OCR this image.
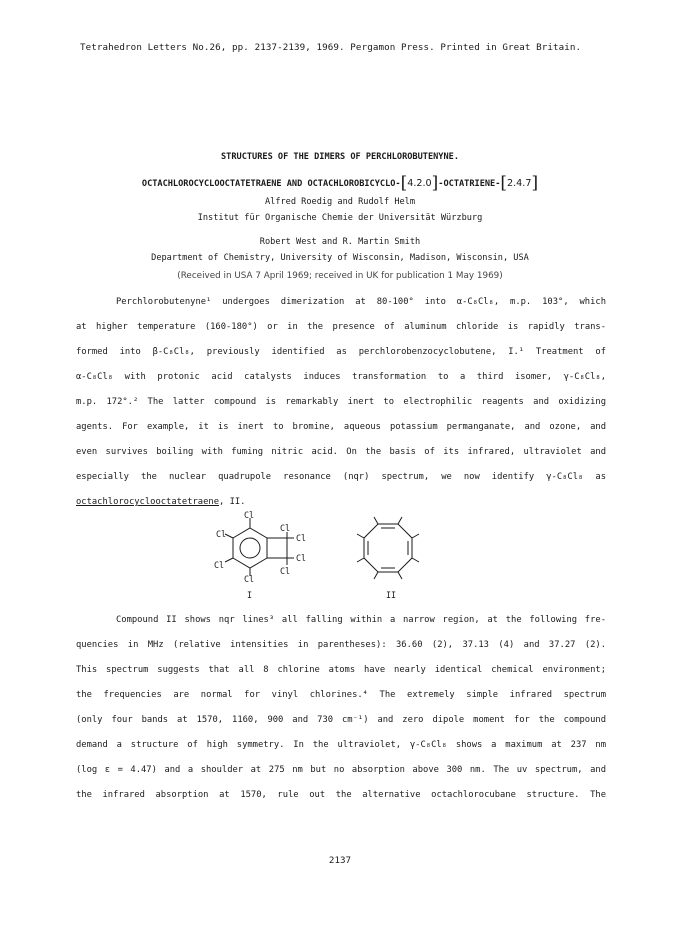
Tetrahedron Letters No.26, pp. 2137-2139, 1969. Pergamon Press. Printed in Great Britain.
STRUCTURES OF THE DIMERS OF PERCHLOROBUTENYNE.
OCTACHLOROCYCLOOCTATETRAENE AND OCTACHLOROBICYCLO-[4.2.0]-OCTATRIENE-[2.4.7]
Alfred Roedig and Rudolf Helm
Institut für Organische Chemie der Universität Würzburg
Robert West and R. Martin Smith
Department of Chemistry, University of Wisconsin, Madison, Wisconsin, USA
(Received in USA 7 April 1969; received in UK for publication 1 May 1969)
Perchlorobutenyne¹ undergoes dimerization at 80-100° into α-C₈Cl₈, m.p. 103°, which
at higher temperature (160-180°) or in the presence of aluminum chloride is rapidly trans-
formed into β-C₈Cl₈, previously identified as perchlorobenzocyclobutene, I.¹ Treatment of
α-C₈Cl₈ with protonic acid catalysts induces transformation to a third isomer, γ-C₈Cl₈,
m.p. 172°.² The latter compound is remarkably inert to electrophilic reagents and oxidizing
agents. For example, it is inert to bromine, aqueous potassium permanganate, and ozone, and
even survives boiling with fuming nitric acid. On the basis of its infrared, ultraviolet and
especially the nuclear quadrupole resonance (nqr) spectrum, we now identify γ-C₈Cl₈ as
octachlorocyclooctatetraene, II.
Cl
Cl
Cl
Cl
Cl
Cl
Cl
Cl
I	II
Compound II shows nqr lines³ all falling within a narrow region, at the following fre-
quencies in MHz (relative intensities in parentheses): 36.60 (2), 37.13 (4) and 37.27 (2).
This spectrum suggests that all 8 chlorine atoms have nearly identical chemical environment;
the frequencies are normal for vinyl chlorines.⁴ The extremely simple infrared spectrum
(only four bands at 1570, 1160, 900 and 730 cm⁻¹) and zero dipole moment for the compound
demand a structure of high symmetry. In the ultraviolet, γ-C₈Cl₈ shows a maximum at 237 nm
(log ε = 4.47) and a shoulder at 275 nm but no absorption above 300 nm. The uv spectrum, and
the infrared absorption at 1570, rule out the alternative octachlorocubane structure. The
2137
